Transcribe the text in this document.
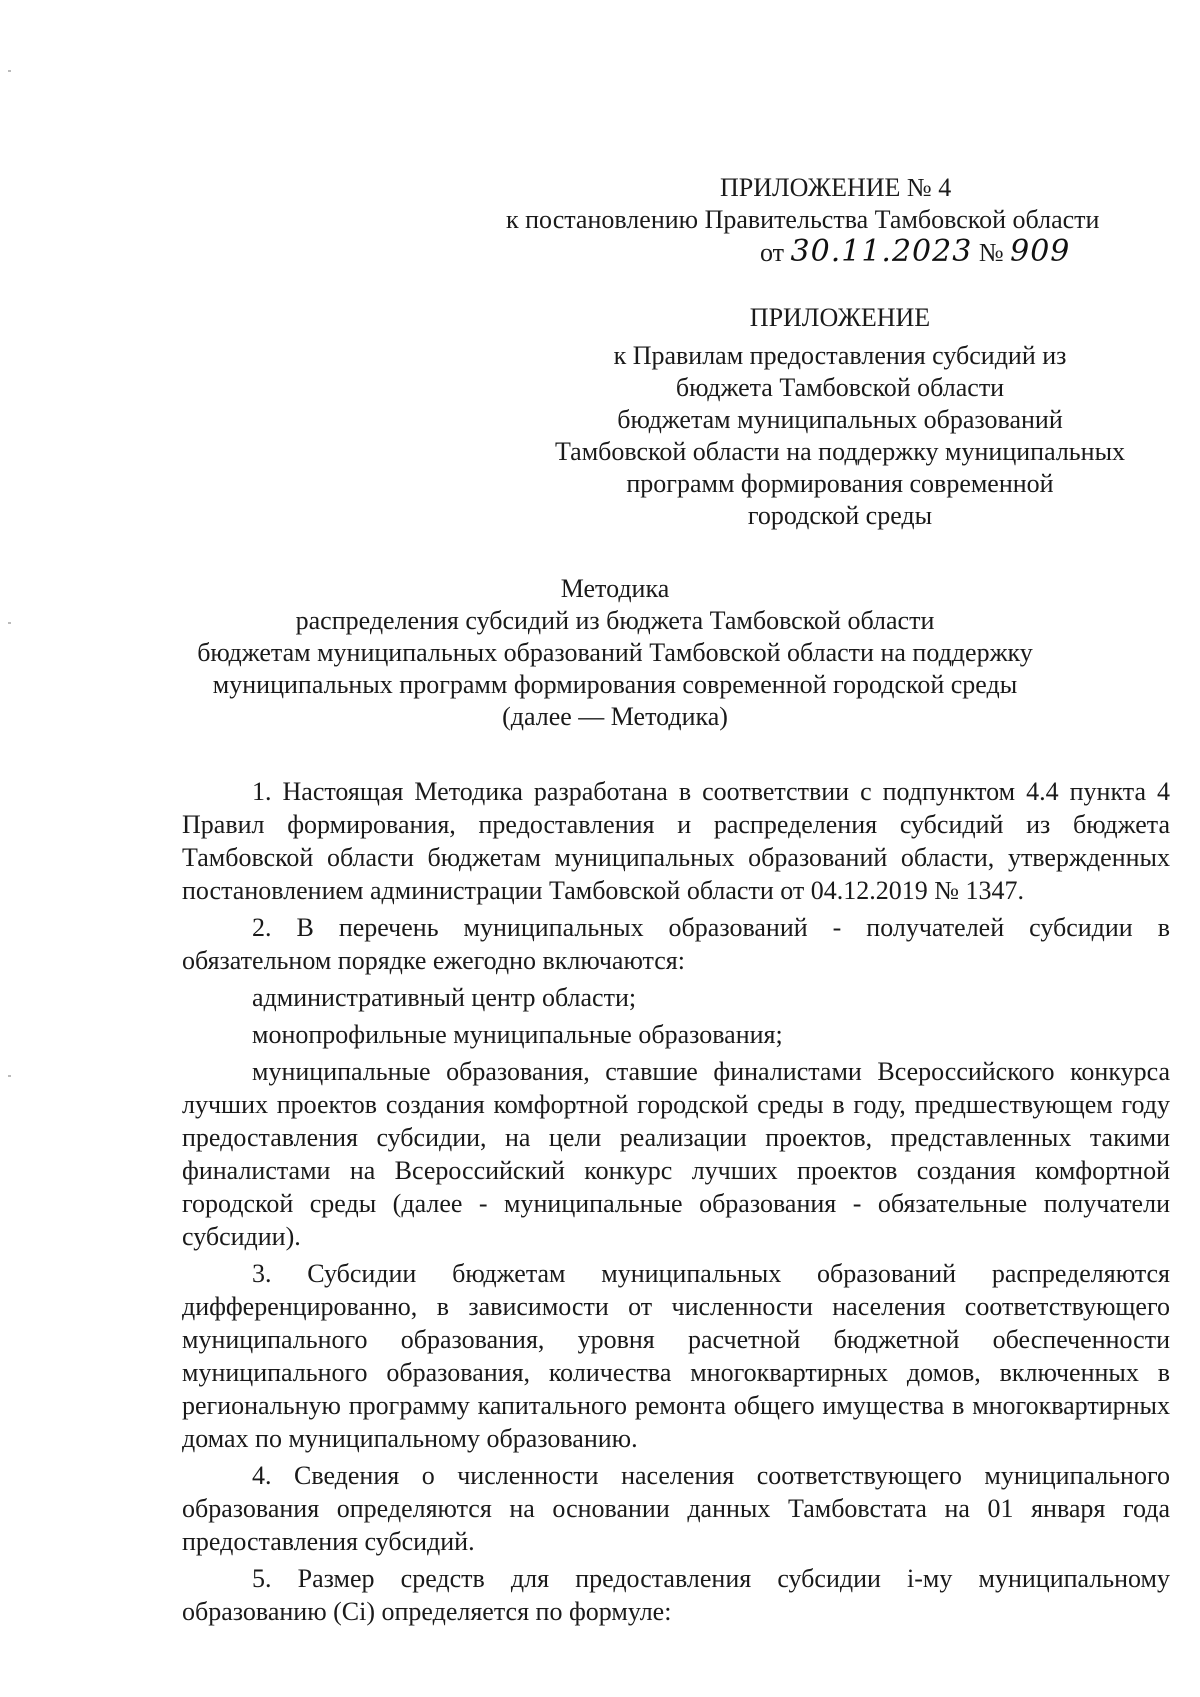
ПРИЛОЖЕНИЕ № 4
к постановлению Правительства Тамбовской области
от 30.11.2023 № 909
ПРИЛОЖЕНИЕ
к Правилам предоставления субсидий из
бюджета Тамбовской области
бюджетам муниципальных образований
Тамбовской области на поддержку муниципальных
программ формирования современной
городской среды
Методика
распределения субсидий из бюджета Тамбовской области
бюджетам муниципальных образований Тамбовской области на поддержку
муниципальных программ формирования современной городской среды
(далее — Методика)

1. Настоящая Методика разработана в соответствии с подпунктом 4.4 пункта 4 Правил формирования, предоставления и распределения субсидий из бюджета Тамбовской области бюджетам муниципальных образований области, утвержденных постановлением администрации Тамбовской области от 04.12.2019 № 1347.

2. В перечень муниципальных образований - получателей субсидии в обязательном порядке ежегодно включаются:

административный центр области;

монопрофильные муниципальные образования;

муниципальные образования, ставшие финалистами Всероссийского конкурса лучших проектов создания комфортной городской среды в году, предшествующем году предоставления субсидии, на цели реализации проектов, представленных такими финалистами на Всероссийский конкурс лучших проектов создания комфортной городской среды (далее - муниципальные образования - обязательные получатели субсидии).

3. Субсидии бюджетам муниципальных образований распределяются дифференцированно, в зависимости от численности населения соответствующего муниципального образования, уровня расчетной бюджетной обеспеченности муниципального образования, количества многоквартирных домов, включенных в региональную программу капитального ремонта общего имущества в многоквартирных домах по муниципальному образованию.

4. Сведения о численности населения соответствующего муниципального образования определяются на основании данных Тамбовстата на 01 января года предоставления субсидий.

5. Размер средств для предоставления субсидии i-му муниципальному образованию (Сi) определяется по формуле:
